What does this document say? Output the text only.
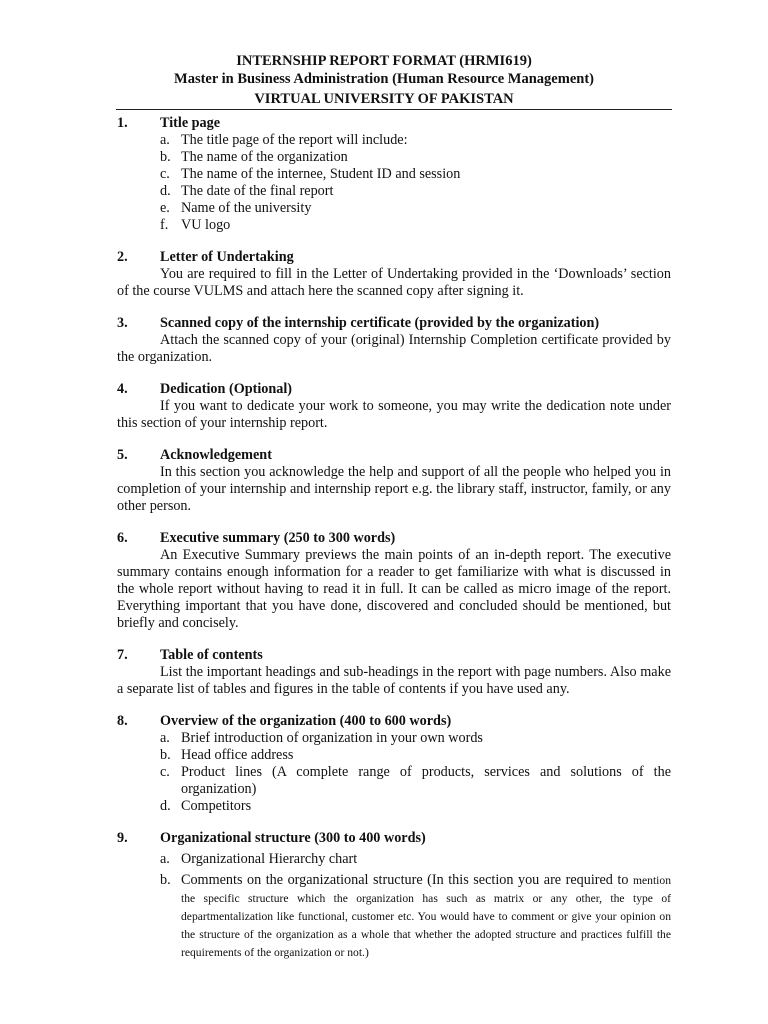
INTERNSHIP REPORT FORMAT (HRMI619)
Master in Business Administration (Human Resource Management)
VIRTUAL UNIVERSITY OF PAKISTAN
1. Title page
a. The title page of the report will include:
b. The name of the organization
c. The name of the internee, Student ID and session
d. The date of the final report
e. Name of the university
f. VU logo
2. Letter of Undertaking
You are required to fill in the Letter of Undertaking provided in the ‘Downloads’ section of the course VULMS and attach here the scanned copy after signing it.
3. Scanned copy of the internship certificate (provided by the organization)
Attach the scanned copy of your (original) Internship Completion certificate provided by the organization.
4. Dedication (Optional)
If you want to dedicate your work to someone, you may write the dedication note under this section of your internship report.
5. Acknowledgement
In this section you acknowledge the help and support of all the people who helped you in completion of your internship and internship report e.g. the library staff, instructor, family, or any other person.
6. Executive summary (250 to 300 words)
An Executive Summary previews the main points of an in-depth report. The executive summary contains enough information for a reader to get familiarize with what is discussed in the whole report without having to read it in full. It can be called as micro image of the report. Everything important that you have done, discovered and concluded should be mentioned, but briefly and concisely.
7. Table of contents
List the important headings and sub-headings in the report with page numbers. Also make a separate list of tables and figures in the table of contents if you have used any.
8. Overview of the organization (400 to 600 words)
a. Brief introduction of organization in your own words
b. Head office address
c. Product lines (A complete range of products, services and solutions of the organization)
d. Competitors
9. Organizational structure (300 to 400 words)
a. Organizational Hierarchy chart
b. Comments on the organizational structure (In this section you are required to mention the specific structure which the organization has such as matrix or any other, the type of departmentalization like functional, customer etc. You would have to comment or give your opinion on the structure of the organization as a whole that whether the adopted structure and practices fulfill the requirements of the organization or not.)
